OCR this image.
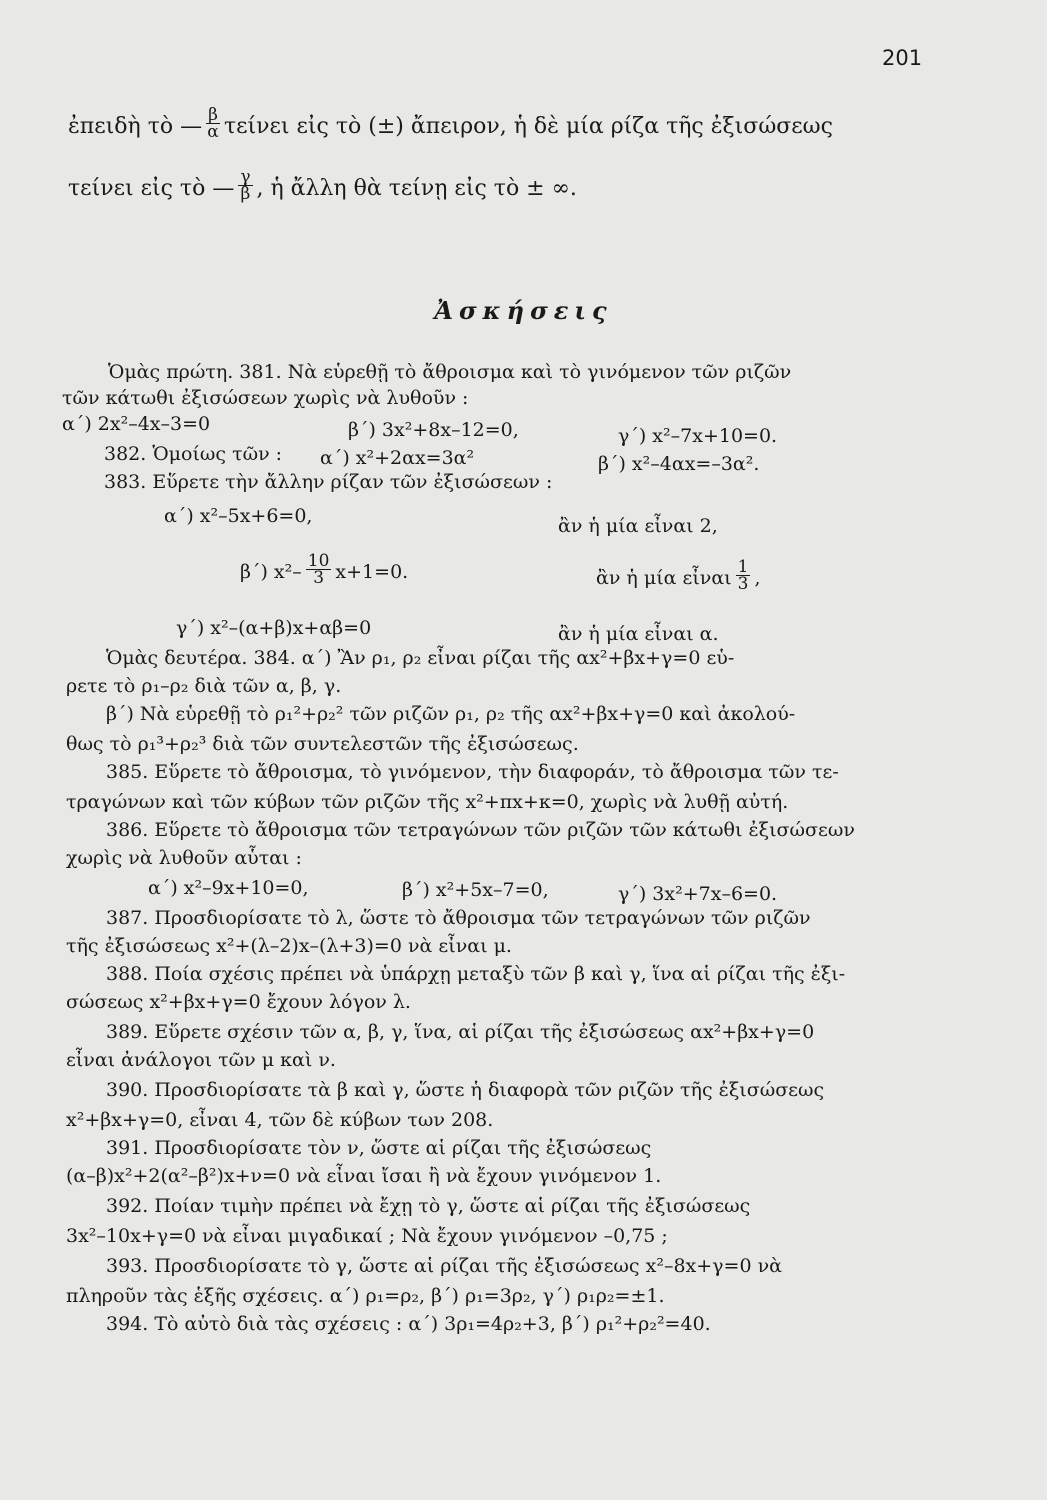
201
ἐπειδὴ τὸ — $\frac{\beta}{\alpha}$ τείνει εἰς τὸ (±) ἄπειρον, ἡ δὲ μία ρίζα τῆς ἐξισώσεως
τείνει εἰς τὸ — $\frac{\gamma}{\beta}$ , ἡ ἄλλη θὰ τείνῃ εἰς τὸ ± ∞.
Ἀσκήσεις
Ὁμὰς πρώτη. 381. Νὰ εὑρεθῇ τὸ ἄθροισμα καὶ τὸ γινόμενον τῶν ριζῶν
τῶν κάτωθι ἐξισώσεων χωρὶς νὰ λυθοῦν :
α΄) 2x²–4x–3=0	β΄) 3x²+8x–12=0,	γ΄) x²–7x+10=0.
382. Ὁμοίως τῶν : α΄) x²+2αx=3α²	β΄) x²–4αx=–3α².
383. Εὕρετε τὴν ἄλλην ρίζαν τῶν ἐξισώσεων :
α΄) x²–5x+6=0,	ἂν ἡ μία εἶναι 2,
β΄) $x^2- \frac{10}{3} x+1=0$.	ἂν ἡ μία εἶναι $\frac{1}{3}$ ,
γ΄) x²–(α+β)x+αβ=0	ἂν ἡ μία εἶναι α.
Ὁμὰς δευτέρα. 384. α΄) Ἂν ρ₁, ρ₂ εἶναι ρίζαι τῆς αx²+βx+γ=0 εὑ-
ρετε τὸ ρ₁–ρ₂ διὰ τῶν α, β, γ.
β΄) Νὰ εὑρεθῇ τὸ ρ₁²+ρ₂² τῶν ριζῶν ρ₁, ρ₂ τῆς αx²+βx+γ=0 καὶ ἀκολού-
θως τὸ ρ₁³+ρ₂³ διὰ τῶν συντελεστῶν τῆς ἐξισώσεως.
385. Εὕρετε τὸ ἄθροισμα, τὸ γινόμενον, τὴν διαφοράν, τὸ ἄθροισμα τῶν τε-
τραγώνων καὶ τῶν κύβων τῶν ριζῶν τῆς x²+πx+κ=0, χωρὶς νὰ λυθῇ αὐτή.
386. Εὕρετε τὸ ἄθροισμα τῶν τετραγώνων τῶν ριζῶν τῶν κάτωθι ἐξισώσεων
χωρὶς νὰ λυθοῦν αὗται :
α΄) x²–9x+10=0,	β΄) x²+5x–7=0,	γ΄) 3x²+7x–6=0.
387. Προσδιορίσατε τὸ λ, ὥστε τὸ ἄθροισμα τῶν τετραγώνων τῶν ριζῶν
τῆς ἐξισώσεως x²+(λ–2)x–(λ+3)=0 νὰ εἶναι μ.
388. Ποία σχέσις πρέπει νὰ ὑπάρχῃ μεταξὺ τῶν β καὶ γ, ἵνα αἱ ρίζαι τῆς ἐξι-
σώσεως x²+βx+γ=0 ἔχουν λόγον λ.
389. Εὕρετε σχέσιν τῶν α, β, γ, ἵνα, αἱ ρίζαι τῆς ἐξισώσεως αx²+βx+γ=0
εἶναι ἀνάλογοι τῶν μ καὶ ν.
390. Προσδιορίσατε τὰ β καὶ γ, ὥστε ἡ διαφορὰ τῶν ριζῶν τῆς ἐξισώσεως
x²+βx+γ=0, εἶναι 4, τῶν δὲ κύβων των 208.
391. Προσδιορίσατε τὸν ν, ὥστε αἱ ρίζαι τῆς ἐξισώσεως
(α–β)x²+2(α²–β²)x+ν=0 νὰ εἶναι ἴσαι ἢ νὰ ἔχουν γινόμενον 1.
392. Ποίαν τιμὴν πρέπει νὰ ἔχῃ τὸ γ, ὥστε αἱ ρίζαι τῆς ἐξισώσεως
3x²–10x+γ=0 νὰ εἶναι μιγαδικαί ; Νὰ ἔχουν γινόμενον –0,75 ;
393. Προσδιορίσατε τὸ γ, ὥστε αἱ ρίζαι τῆς ἐξισώσεως x²–8x+γ=0 νὰ
πληροῦν τὰς ἑξῆς σχέσεις. α΄) ρ₁=ρ₂, β΄) ρ₁=3ρ₂, γ΄) ρ₁ρ₂=±1.
394. Τὸ αὐτὸ διὰ τὰς σχέσεις : α΄) 3ρ₁=4ρ₂+3, β΄) ρ₁²+ρ₂²=40.
